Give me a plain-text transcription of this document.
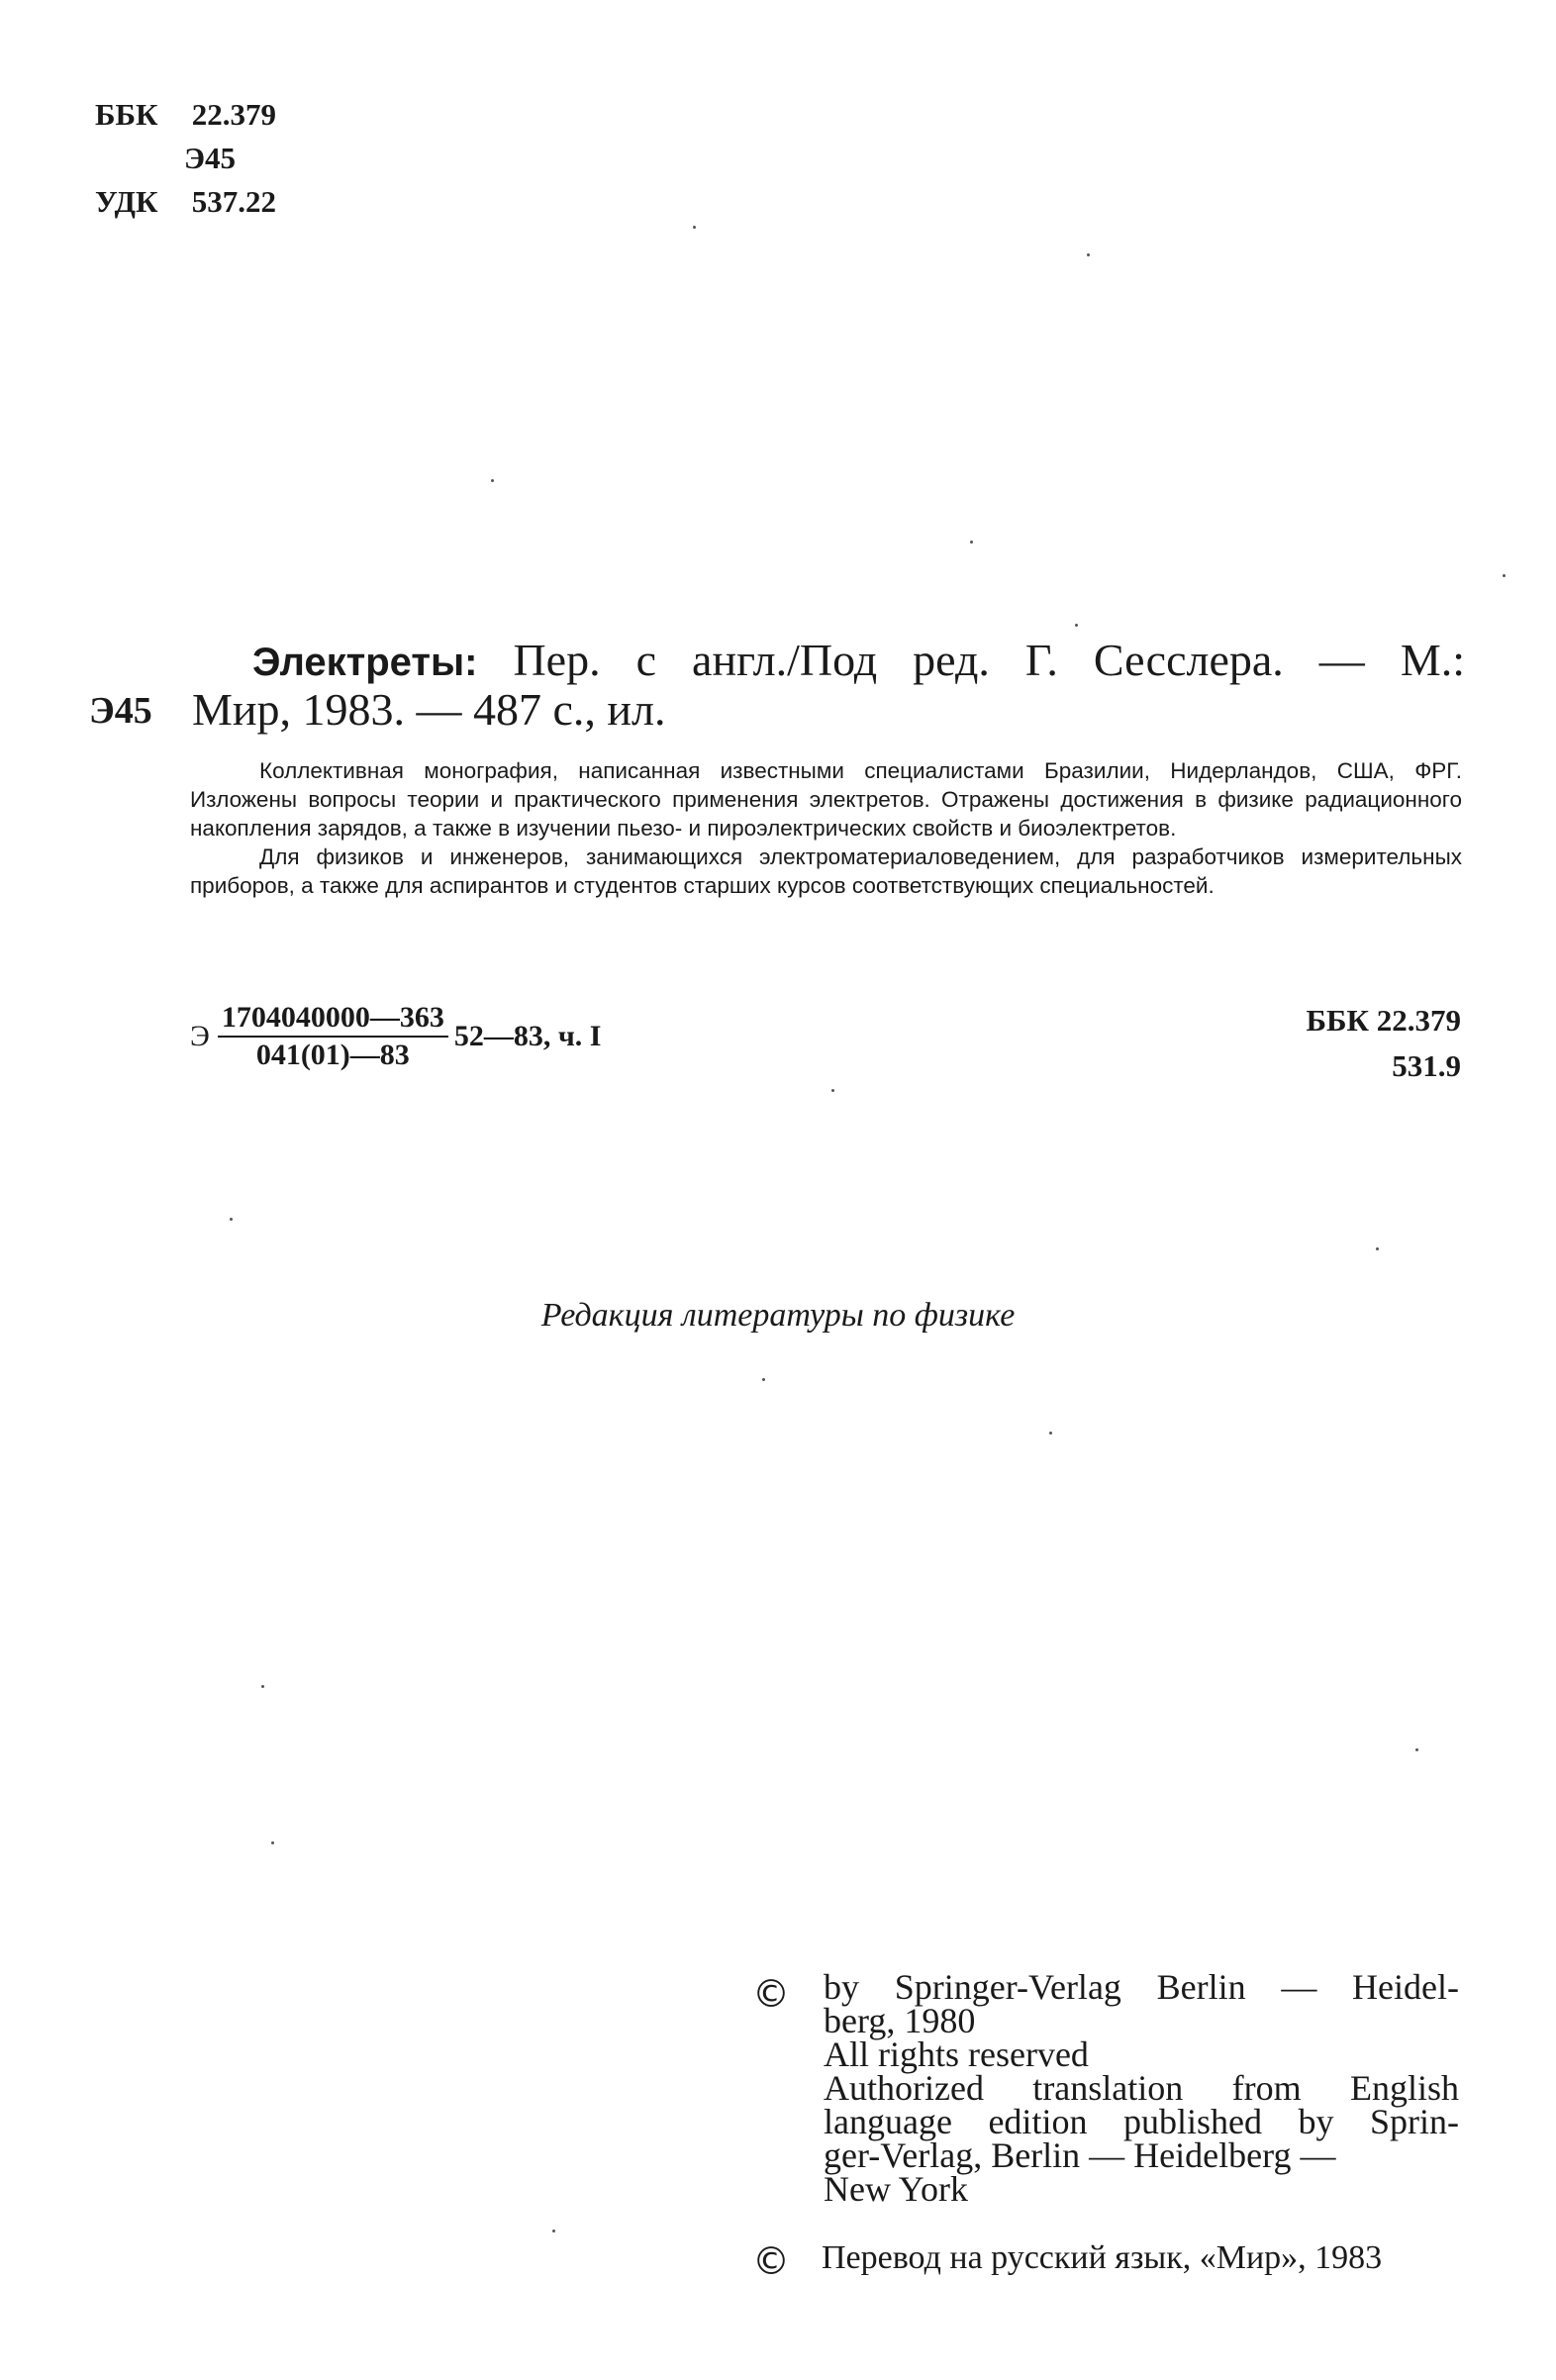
ББК 22.379
Э45
УДК 537.22
Электреты: Пер. с англ./Под ред. Г. Сесслера. — М.:
Э45 Мир, 1983. — 487 с., ил.

Коллективная монография, написанная известными специалистами Бразилии, Нидерландов, США, ФРГ. Изложены вопросы теории и практического применения электретов. Отражены достижения в физике радиационного накопления зарядов, а также в изучении пьезо- и пироэлектрических свойств и биоэлектретов.

Для физиков и инженеров, занимающихся электроматериаловедением, для разработчиков измерительных приборов, а также для аспирантов и студентов старших курсов соответствующих специальностей.

Э $\frac{1704040000—363}{041(01)—83}$ 52—83, ч. I	ББК 22.379
531.9
Редакция литературы по физике
© by Springer-Verlag Berlin — Heidel-
berg, 1980
All rights reserved
Authorized translation from English
language edition published by Sprin-
ger-Verlag, Berlin — Heidelberg —
New York
© Перевод на русский язык, «Мир», 1983
